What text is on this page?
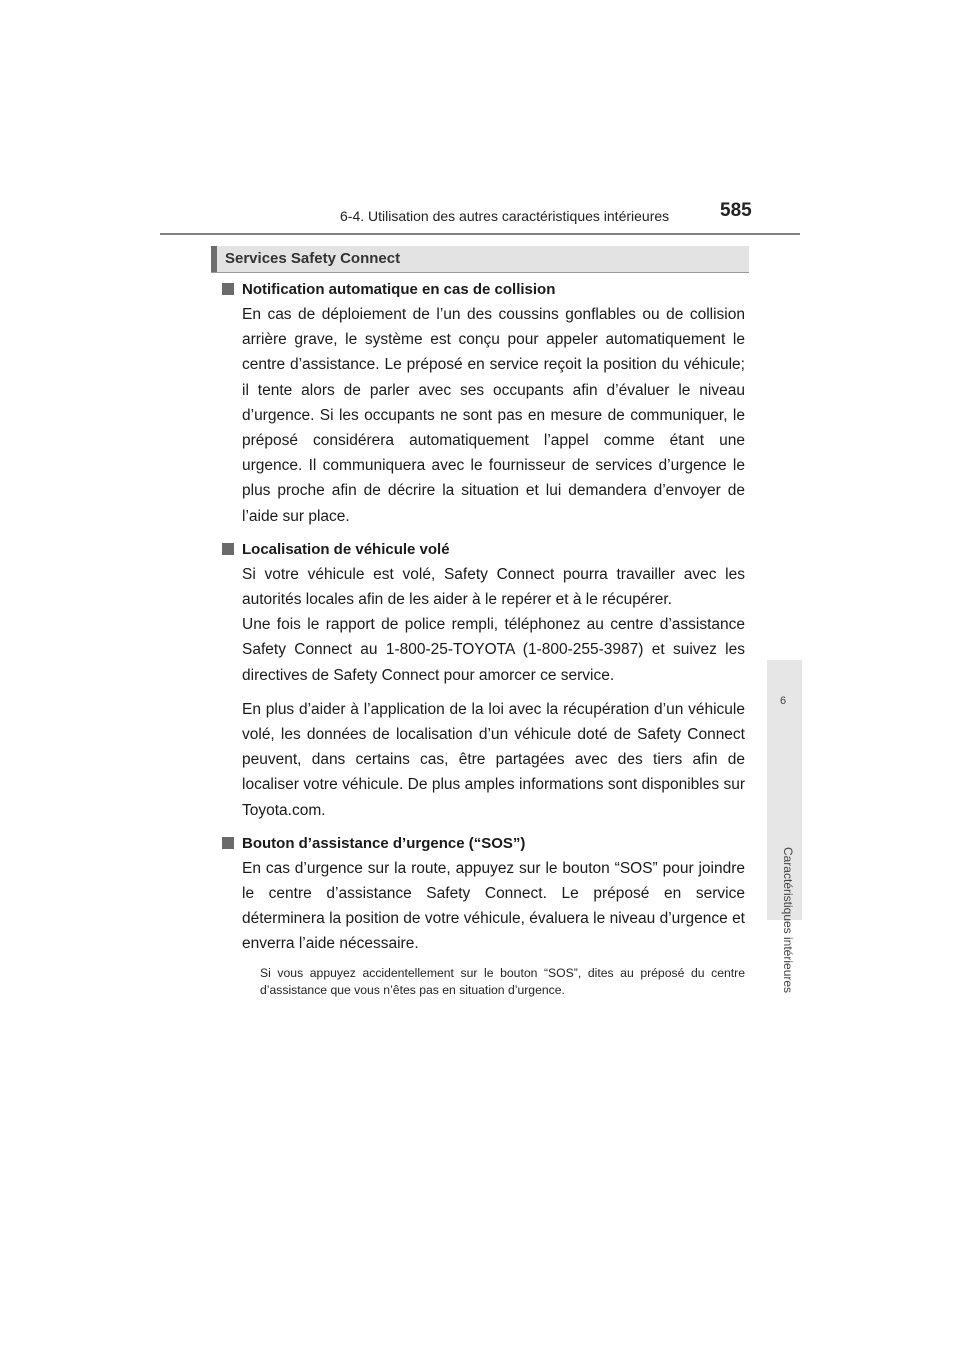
6-4. Utilisation des autres caractéristiques intérieures	585
6
Caractéristiques intérieures
Services Safety Connect
Notification automatique en cas de collision

En cas de déploiement de l’un des coussins gonflables ou de collision arrière grave, le système est conçu pour appeler automatiquement le centre d’assistance. Le préposé en service reçoit la position du véhicule; il tente alors de parler avec ses occupants afin d’évaluer le niveau d’urgence. Si les occupants ne sont pas en mesure de communiquer, le préposé considérera automatiquement l’appel comme étant une urgence. Il communiquera avec le fournisseur de services d’urgence le plus proche afin de décrire la situation et lui demandera d’envoyer de l’aide sur place.

Localisation de véhicule volé

Si votre véhicule est volé, Safety Connect pourra travailler avec les autorités locales afin de les aider à le repérer et à le récupérer.

Une fois le rapport de police rempli, téléphonez au centre d’assistance Safety Connect au 1-800-25-TOYOTA (1-800-255-3987) et suivez les directives de Safety Connect pour amorcer ce service.

En plus d’aider à l’application de la loi avec la récupération d’un véhicule volé, les données de localisation d’un véhicule doté de Safety Connect peuvent, dans certains cas, être partagées avec des tiers afin de localiser votre véhicule. De plus amples informations sont disponibles sur Toyota.com.

Bouton d’assistance d’urgence (“SOS”)

En cas d’urgence sur la route, appuyez sur le bouton “SOS” pour joindre le centre d’assistance Safety Connect. Le préposé en service déterminera la position de votre véhicule, évaluera le niveau d’urgence et enverra l’aide nécessaire.

Si vous appuyez accidentellement sur le bouton “SOS”, dites au préposé du centre d’assistance que vous n’êtes pas en situation d’urgence.
